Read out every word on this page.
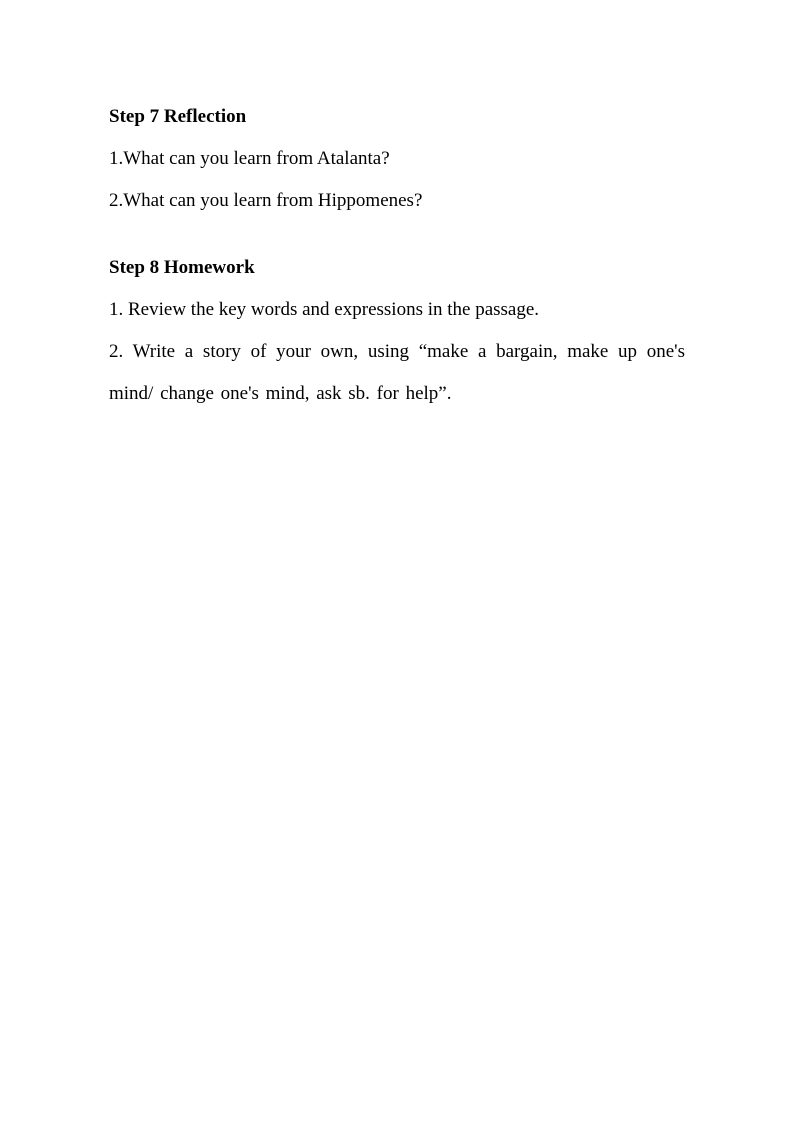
Step 7 Reflection
1.What can you learn from Atalanta?
2.What can you learn from Hippomenes?
Step 8 Homework
1. Review the key words and expressions in the passage.
2. Write a story of your own, using “make a bargain, make up one's mind/ change one's mind, ask sb. for help”.
